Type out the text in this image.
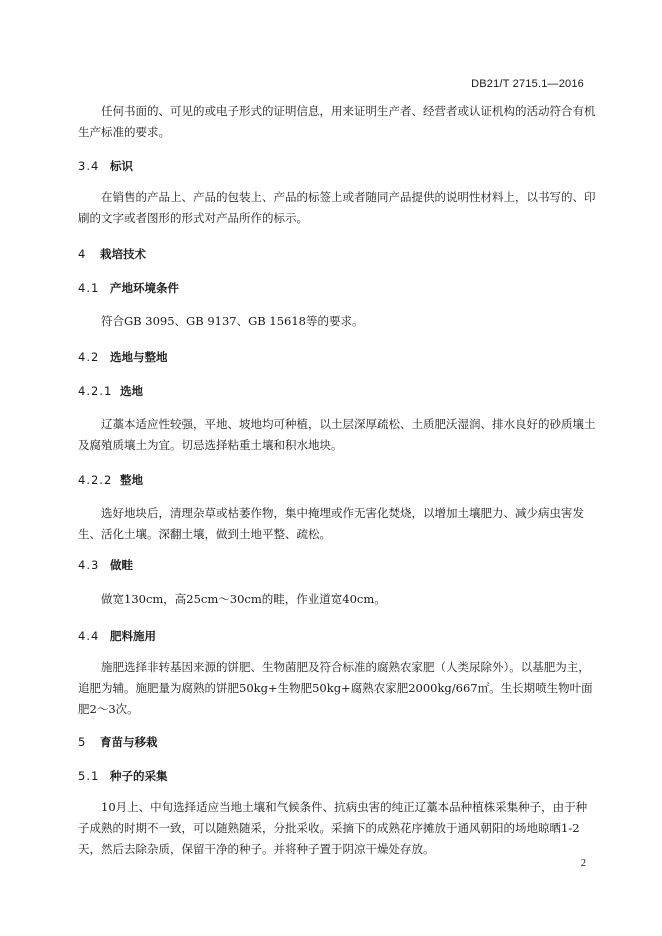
DB21/T 2715.1—2016

任何书面的、可见的或电子形式的证明信息，用来证明生产者、经营者或认证机构的活动符合有机生产标准的要求。

3.4 标识

在销售的产品上、产品的包装上、产品的标签上或者随同产品提供的说明性材料上，以书写的、印刷的文字或者图形的形式对产品所作的标示。

4 栽培技术
4.1 产地环境条件

符合GB 3095、GB 9137、GB 15618等的要求。

4.2 选地与整地
4.2.1 选地

辽藁本适应性较强，平地、坡地均可种植，以土层深厚疏松、土质肥沃湿润、排水良好的砂质壤土及腐殖质壤土为宜。切忌选择粘重土壤和积水地块。

4.2.2 整地

选好地块后，清理杂草或枯萎作物，集中掩埋或作无害化焚烧，以增加土壤肥力、减少病虫害发生、活化土壤。深翻土壤，做到土地平整、疏松。

4.3 做畦

做宽130cm，高25cm～30cm的畦，作业道宽40cm。

4.4 肥料施用

施肥选择非转基因来源的饼肥、生物菌肥及符合标准的腐熟农家肥（人类尿除外）。以基肥为主，追肥为辅。施肥量为腐熟的饼肥50kg+生物肥50kg+腐熟农家肥2000kg/667㎡。生长期喷生物叶面肥2～3次。

5 育苗与移栽
5.1 种子的采集

10月上、中旬选择适应当地土壤和气候条件、抗病虫害的纯正辽藁本品种植株采集种子，由于种子成熟的时期不一致，可以随熟随采，分批采收。采摘下的成熟花序摊放于通风朝阳的场地晾晒1-2天，然后去除杂质，保留干净的种子。并将种子置于阴凉干燥处存放。

2
